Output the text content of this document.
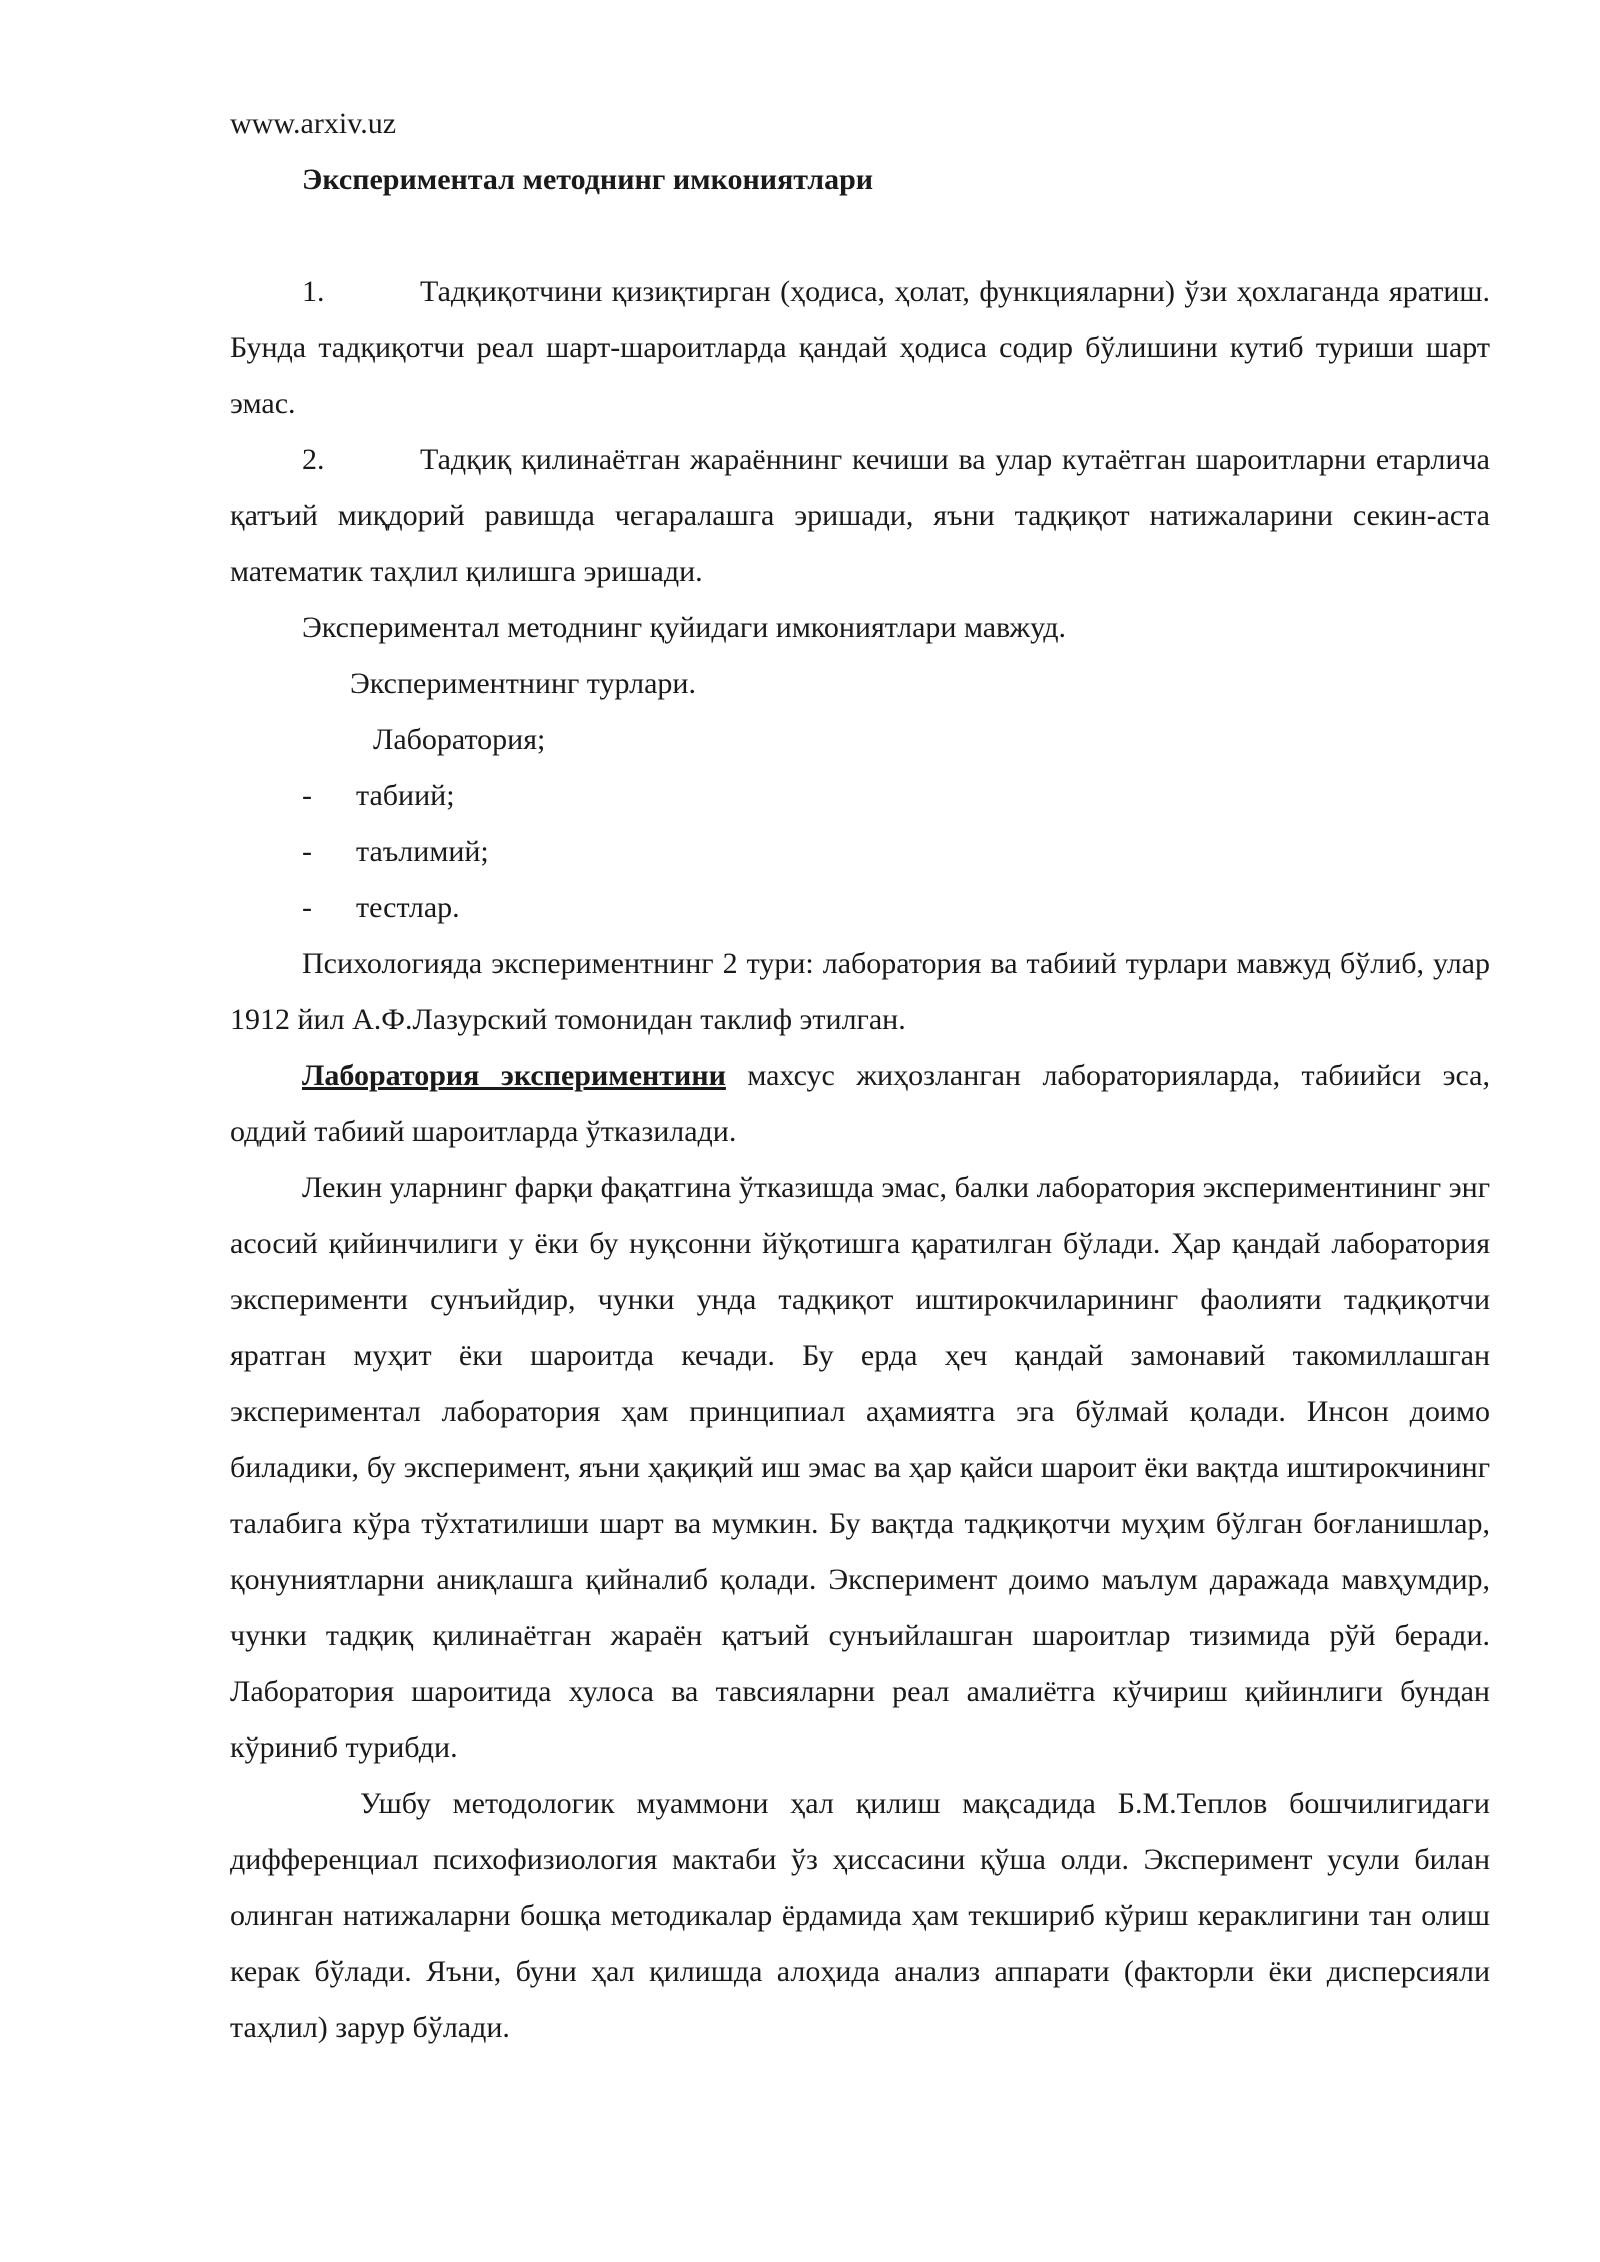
www.arxiv.uz
Экспериментал методнинг имкониятлари

1.	Тадқиқотчини қизиқтирган (ҳодиса, ҳолат, функцияларни) ўзи ҳохлаганда яратиш. Бунда тадқиқотчи реал шарт-шароитларда қандай ҳодиса содир бўлишини кутиб туриши шарт эмас.

2.	Тадқиқ қилинаётган жараённинг кечиши ва улар кутаётган шароитларни етарлича қатъий миқдорий равишда чегаралашга эришади, яъни тадқиқот натижаларини секин-аста математик таҳлил қилишга эришади.

Экспериментал методнинг қуйидаги имкониятлари мавжуд.
Экспериментнинг турлари.
Лаборатория;
- табиий;
- таълимий;
- тестлар.

Психологияда экспериментнинг 2 тури: лаборатория ва табиий турлари мавжуд бўлиб, улар 1912 йил А.Ф.Лазурский томонидан таклиф этилган.

Лаборатория экспериментини махсус жиҳозланган лабораторияларда, табиийси эса, оддий табиий шароитларда ўтказилади.

Лекин уларнинг фарқи фақатгина ўтказишда эмас, балки лаборатория экспериментининг энг асосий қийинчилиги у ёки бу нуқсонни йўқотишга қаратилган бўлади. Ҳар қандай лаборатория эксперименти сунъийдир, чунки унда тадқиқот иштирокчиларининг фаолияти тадқиқотчи яратган муҳит ёки шароитда кечади. Бу ерда ҳеч қандай замонавий такомиллашган экспериментал лаборатория ҳам принципиал аҳамиятга эга бўлмай қолади. Инсон доимо биладики, бу эксперимент, яъни ҳақиқий иш эмас ва ҳар қайси шароит ёки вақтда иштирокчининг талабига кўра тўхтатилиши шарт ва мумкин. Бу вақтда тадқиқотчи муҳим бўлган боғланишлар, қонуниятларни аниқлашга қийналиб қолади. Эксперимент доимо маълум даражада мавҳумдир, чунки тадқиқ қилинаётган жараён қатъий сунъийлашган шароитлар тизимида рўй беради. Лаборатория шароитида хулоса ва тавсияларни реал амалиётга кўчириш қийинлиги бундан кўриниб турибди.

Ушбу методологик муаммони ҳал қилиш мақсадида Б.М.Теплов бошчилигидаги дифференциал психофизиология мактаби ўз ҳиссасини қўша олди. Эксперимент усули билан олинган натижаларни бошқа методикалар ёрдамида ҳам текшириб кўриш кераклигини тан олиш керак бўлади. Яъни, буни ҳал қилишда алоҳида анализ аппарати (факторли ёки дисперсияли таҳлил) зарур бўлади.
